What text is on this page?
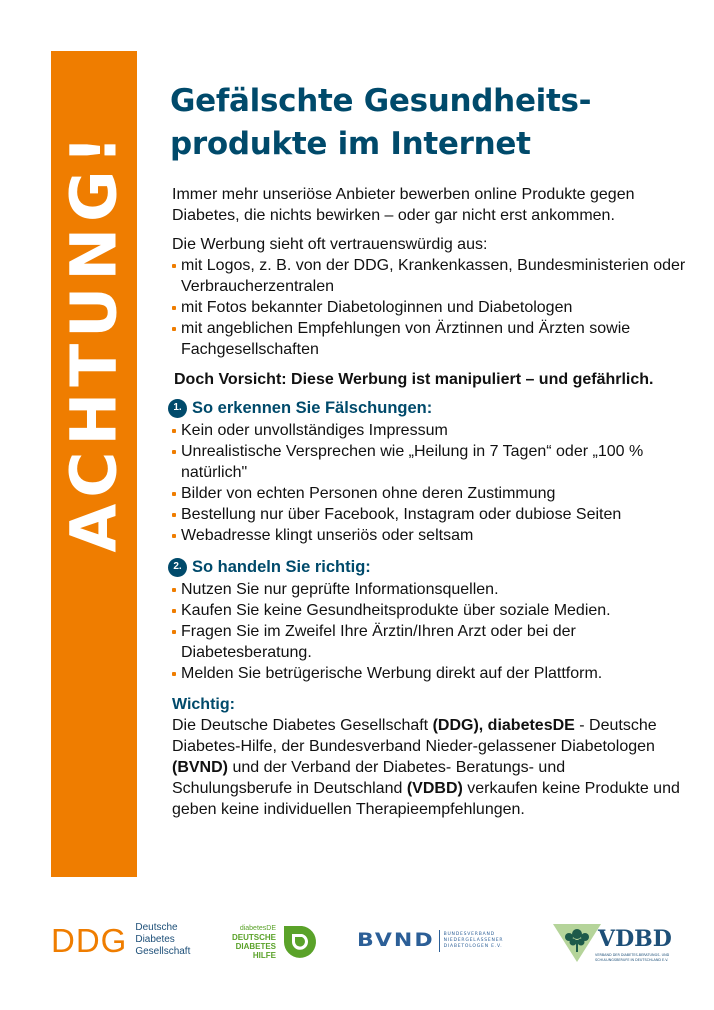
ACHTUNG!
Gefälschte Gesundheits-
produkte im Internet

Immer mehr unseriöse Anbieter bewerben online Produkte gegen Diabetes, die nichts bewirken – oder gar nicht erst ankommen.

Die Werbung sieht oft vertrauenswürdig aus:

mit Logos, z. B. von der DDG, Krankenkassen, Bundesministerien oder Verbraucherzentralen
mit Fotos bekannter Diabetologinnen und Diabetologen
mit angeblichen Empfehlungen von Ärztinnen und Ärzten sowie Fachgesellschaften

Doch Vorsicht: Diese Werbung ist manipuliert – und gefährlich.

1. So erkennen Sie Fälschungen:
Kein oder unvollständiges Impressum
Unrealistische Versprechen wie „Heilung in 7 Tagen“ oder „100 % natürlich"
Bilder von echten Personen ohne deren Zustimmung
Bestellung nur über Facebook, Instagram oder dubiose Seiten
Webadresse klingt unseriös oder seltsam
2. So handeln Sie richtig:
Nutzen Sie nur geprüfte Informationsquellen.
Kaufen Sie keine Gesundheitsprodukte über soziale Medien.
Fragen Sie im Zweifel Ihre Ärztin/Ihren Arzt oder bei der Diabetesberatung.
Melden Sie betrügerische Werbung direkt auf der Plattform.

Wichtig:

Die Deutsche Diabetes Gesellschaft (DDG), diabetesDE - Deutsche Diabetes-Hilfe, der Bundesverband Nieder-gelassener Diabetologen (BVND) und der Verband der Diabetes- Beratungs- und Schulungsberufe in Deutschland (VDBD) verkaufen keine Produkte und geben keine individuellen Therapieempfehlungen.

DDG Deutsche
Diabetes
Gesellschaft
diabetesDE
DEUTSCHE
DIABETES
HILFE
BVND BUNDESVERBAND
NIEDERGELASSENER
DIABETOLOGEN E.V.	VDBD
VERBAND DER DIABETES-BERATUNGS- UND
SCHULUNGSBERUFE IN DEUTSCHLAND E.V.
